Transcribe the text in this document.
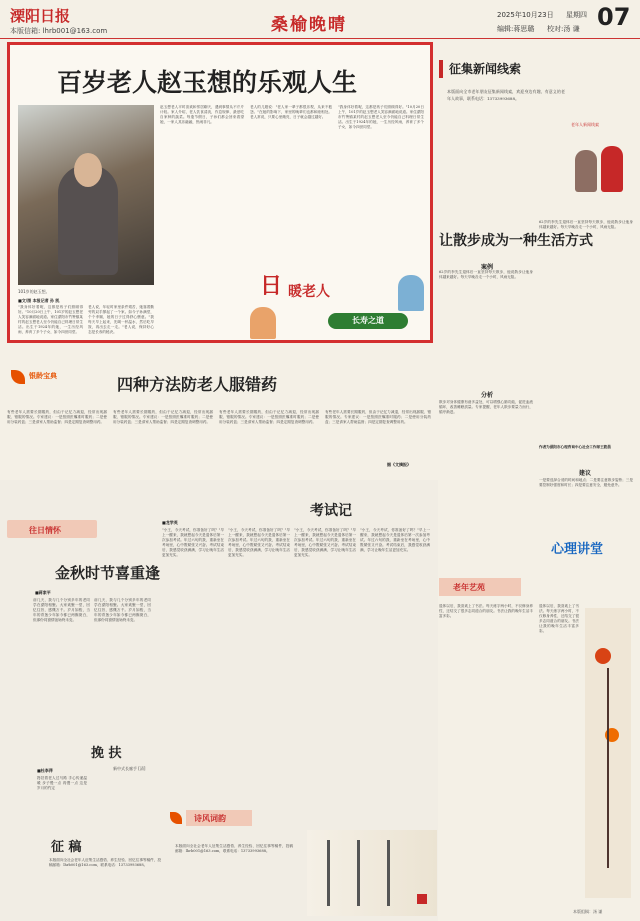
溧阳日报
本版信箱: lhrb001@163.com	桑榆晚晴	2025年10月23日 星期四
编辑:蒋思璐 校对:汤 谦 07
百岁老人赵玉想的乐观人生
101岁的赵玉想。
■文/图 本报记者 孙 凯
"我身体好着呢，这都是孩子们照顾得好。"10月20日上午，101岁的赵玉想老人笑容满面地说道。家住溧阳市竹箦镇某村的赵玉想老人至今仍能自己料理日常生活。出生于1924年的她，一生历经风雨，养育了多个子女，如今四世同堂。
老人说，年轻时家里条件艰苦，她靠着勤劳的双手撑起了一个家。如今子孙满堂，个个孝顺，她的日子过得舒心惬意。"我每天早上起来，先喝一杯温水，然后吃早饭，再出去走一走。"老人说，保持好心态是长寿的秘诀。
赵玉想老人平时喜欢和邻居聊天，遇到事情从不斤斤计较。家人介绍，老人饮食清淡，作息规律，最爱吃自家种的蔬菜。每逢节假日，子孙们都会回来看望她，一家人其乐融融，热闹非凡。
老人的儿媳说："老人家一辈子都很乐观，从来不抱怨。"在她的影响下，家里的晚辈们也都和睦相处。老人常说，只要心里敞亮，日子就会越过越好。
"我身体好着呢，这都是孩子们照顾得好。"10月20日上午，101岁的赵玉想老人笑容满面地说道。家住溧阳市竹箦镇某村的赵玉想老人至今仍能自己料理日常生活。出生于1924年的她，一生历经风雨，养育了多个子女，如今四世同堂。
日 暖老人
长寿之道
征集新闻线索
本版面向全市老年朋友征集新闻线索，欢迎身边有趣、有意义的老年人故事，联系电话：13733993688。
老年人新闻线索
让散步成为一种生活方式
案例
62岁的李先生退休后一直坚持每天散步，他说散步让他身体越来越好。每天早晚各走一个小时，风雨无阻。
分析
散步对身体健康有诸多益处，可以增强心肺功能，促进血液循环，改善睡眠质量。专家提醒，老年人散步要量力而行，循序渐进。
62岁的李先生退休后一直坚持每天散步，他说散步让他身体越来越好。每天早晚各走一个小时，风雨无阻。
建议
一是要选择合适的时间和地点；二是要注意散步姿势；三是要控制好强度和时长；四是要注意安全，避免意外。
作者为溧阳市心理咨询中心社会工作师王筱晨
心理讲堂
银龄宝典	四种方法防老人服错药
有些老年人需要长期服药，但由于记忆力减退，经常出现漏服、错服的情况。专家建议：一是按照医嘱准时服药；二是使用分装药盒；三是请家人帮助监督；四是定期复查调整用药。
有些老年人需要长期服药，但由于记忆力减退，经常出现漏服、错服的情况。专家建议：一是按照医嘱准时服药；二是使用分装药盒；三是请家人帮助监督；四是定期复查调整用药。
有些老年人需要长期服药，但由于记忆力减退，经常出现漏服、错服的情况。专家建议：一是按照医嘱准时服药；二是使用分装药盒；三是请家人帮助监督；四是定期复查调整用药。
有些老年人需要长期服药，但由于记忆力减退，经常出现漏服、错服的情况。专家建议：一是按照医嘱准时服药；二是使用分装药盒；三是请家人帮助监督；四是定期复查调整用药。
据《文摘报》
往日情怀
金秋时节喜重逢
■蒋家平
前几天，我与几个分别多年的老同学在溧阳相聚。大家欢聚一堂，回忆往昔，感慨万千。岁月如梭，当年的青葱少年如今都已两鬓斑白，但那份同窗情谊始终未变。
前几天，我与几个分别多年的老同学在溧阳相聚。大家欢聚一堂，回忆往昔，感慨万千。岁月如梭，当年的青葱少年如今都已两鬓斑白，但那份同窗情谊始终未变。
考试记
■龙学英
"小王，今天考试，你准备好了吗？"早上一醒来，我就想起今天是退休后第一次参加考试。年过六旬的我，重新坐在考场里，心中既紧张又兴奋。考试结束后，我感觉收获满满，学习让晚年生活更加充实。
"小王，今天考试，你准备好了吗？"早上一醒来，我就想起今天是退休后第一次参加考试。年过六旬的我，重新坐在考场里，心中既紧张又兴奋。考试结束后，我感觉收获满满，学习让晚年生活更加充实。
"小王，今天考试，你准备好了吗？"早上一醒来，我就想起今天是退休后第一次参加考试。年过六旬的我，重新坐在考场里，心中既紧张又兴奋。考试结束后，我感觉收获满满，学习让晚年生活更加充实。
"小王，今天考试，你准备好了吗？"早上一醒来，我就想起今天是退休后第一次参加考试。年过六旬的我，重新坐在考场里，心中既紧张又兴奋。考试结束后，我感觉收获满满，学习让晚年生活更加充实。
挽 扶
■杜李萍
搀扶着老人过马路 手心传递温暖 步子慢一点 再慢一点 这是岁月的约定
新中式长廊手 [清]
诗风词韵
征 稿
本版面向全社会老年人征集生活感悟、养生经验、回忆往事等稿件，投稿邮箱：lhrb001@163.com，联系电话：13733993688。
本版面向全社会老年人征集生活感悟、养生经验、回忆往事等稿件，投稿邮箱：lhrb001@163.com，联系电话：13733993688。
老年艺苑
退休以后，我喜欢上了书法。每天练字两小时，不仅修身养性，还结交了很多志同道合的朋友。书法让我的晚年生活丰富多彩。
退休以后，我喜欢上了书法。每天练字两小时，不仅修身养性，还结交了很多志同道合的朋友。书法让我的晚年生活丰富多彩。
本版组稿：汤 谦
